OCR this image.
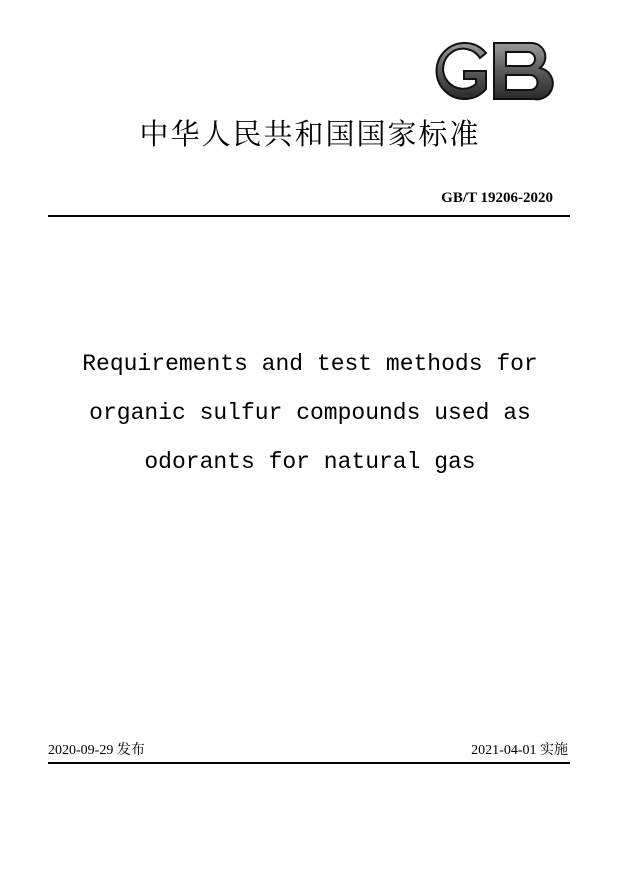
中华人民共和国国家标准
GB/T 19206-2020
Requirements and test methods for
organic sulfur compounds used as
odorants for natural gas
2020-09-29 发布	2021-04-01 实施
